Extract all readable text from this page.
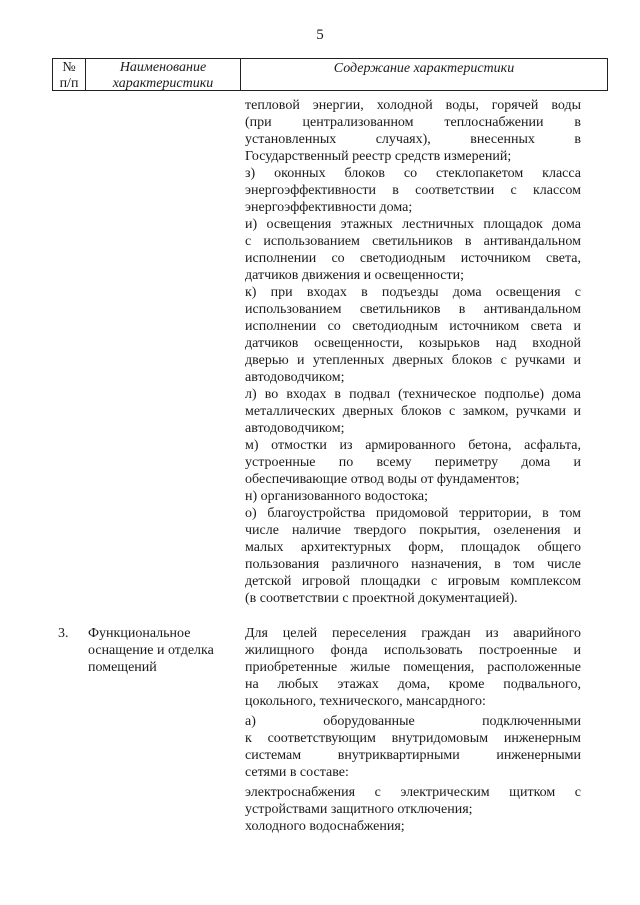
5
№
п/п
Наименование
характеристики
Содержание характеристики
тепловой энергии, холодной воды, горячей воды
(при централизованном теплоснабжении в
установленных случаях), внесенных в
Государственный реестр средств измерений;
з) оконных блоков со стеклопакетом класса
энергоэффективности в соответствии с классом
энергоэффективности дома;
и) освещения этажных лестничных площадок дома
с использованием светильников в антивандальном
исполнении со светодиодным источником света,
датчиков движения и освещенности;
к) при входах в подъезды дома освещения с
использованием светильников в антивандальном
исполнении со светодиодным источником света и
датчиков освещенности, козырьков над входной
дверью и утепленных дверных блоков с ручками и
автодоводчиком;
л) во входах в подвал (техническое подполье) дома
металлических дверных блоков с замком, ручками и
автодоводчиком;
м) отмостки из армированного бетона, асфальта,
устроенные по всему периметру дома и
обеспечивающие отвод воды от фундаментов;
н) организованного водостока;
о) благоустройства придомовой территории, в том
числе наличие твердого покрытия, озеленения и
малых архитектурных форм, площадок общего
пользования различного назначения, в том числе
детской игровой площадки с игровым комплексом
(в соответствии с проектной документацией).
3. Функциональное
оснащение и отделка
помещений
Для целей переселения граждан из аварийного
жилищного фонда использовать построенные и
приобретенные жилые помещения, расположенные
на любых этажах дома, кроме подвального,
цокольного, технического, мансардного:
а) оборудованные подключенными
к соответствующим внутридомовым инженерным
системам внутриквартирными инженерными
сетями в составе:
электроснабжения с электрическим щитком с
устройствами защитного отключения;
холодного водоснабжения;
